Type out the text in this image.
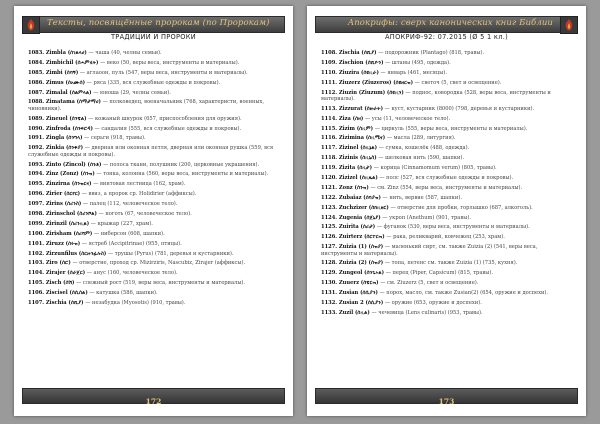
Тексты, посвящённые пророкам (по Пророкам)
ТРАДИЦИИ И ПРОРОКИ
1083. Zimbla (ሰገልላሀ) — чаша (40, челны семьи).
1084. Zimbichil (ሰሓምሂት) — веко (50, веры веса, инструменты и материалы).
1085. Zimbi (ሰባኝ) — аглаоон, пуль (547, веры веса, инструменты и материалы).
1086. Zimus (ሰአሙሰ) — ряса (335, вся служебные одежды и покровы).
1087. Zimalal (ሰልምላል) — юноша (29, челны семьи).
1088. Zimatama (ሰማታማሀ) — полковедец, военачальник (768, характеристи, военных, чиновники).
1089. Zineuel (ሰንዌል) — кожаный шнурок (657, приспособления для оружия).
1090. Zinfroda (ሰንፍሮዳ) — сандалия (555, вся служебные одежды и покровы).
1091. Zingla (ሰንግላ) — серьги (918, травы).
1092. Zinkia (ሰንቅያ) — дверная или оконная петля, дверная или оконная рушка (559, вся служебные одежды и покровы).
1093. Zinto (Zincol) (ሰንቶ) — полоса ткани, полушник (200, церковные украшения).
1094. Zinz (Zonz) (ሰንዝ) — тонка, колонна (560, веры веса, инструменты и материалы).
1095. Zinzirna (ሰንዝርና) — винтовая лестница (162, храм).
1096. Zirier (ሰርየር) — ввиз, а пророк ср. Holidirier (аффиксы).
1097. Zirins (ሰሪንስ) — палец (112, человеческое тело).
1098. Zirinschol (ሰሪንሾል) — ноготь (67, человеческое тело).
1099. Zirinzil (ሰሪንዚል) — крыжар (227, храм).
1100. Zirisham (ሰሪሻም) — ниберсон (608, шапки).
1101. Ziruzz (ሰሩዝ) — ястреб (Accipitrinae) (955, птицы).
1102. Zirzunfilus (ሰርዙንፊሉስ) — трушы (Pyrus) (781, деревья и кустарники).
1103. Ziro (ሰሮ) — отверстие, проход ср. Mizirziris, Nascubiz, Zirajer (аффиксы).
1104. Zirajer (ሰራጀር) — анус (160, человеческое тело).
1105. Zisch (ሰሽ) — слежный рост (519, веры веса, инструменты и материалы).
1106. Ziscisel (ሰሲሰል) — катушка (586, шапки).
1107. Zischia (ሰሺያ) — незабудка (Myosotis) (910, травы).
172
Апокрифы: сверх канонических книг Библии
АПОКРИФ-92: 07.2015 (Ø 5 1 кл.)
1108. Zischia (ሰሺያ) — подорожник (Plantago) (818, травы).
1109. Zischion (ሰሺዮን) — штаны (495, одежда).
1110. Ziuzira (ሰዩዚራ) — январь (461, месяцы).
1111. Ziuzerz (Ziuzeros) (ሰዩዘርዝ) — светоч (5, свет и освещение).
1112. Ziuzin (Ziuzum) (ሰዩዚን) — поднос, ковородка (528, веры веса, инструменты и материалы).
1113. Zizzurat (ሰዙራት) — куст, кустарник (8000) (798, деревья и кустарники).
1114. Ziza (ሰዛ) — усы (11, человеческое тело).
1115. Zizim (ሰዚም) — циркуль (555, веры веса, инструменты и материалы).
1116. Zizimina (ሰዚሚና) — масла (289, литургия).
1117. Zizinel (ሰዚኔል) — сумка, кошелёк (488, одежда).
1118. Zizinis (ሰዚኒስ) — шелковая нить (590, шапки).
1119. Zizita (ሰዚታ) — корица (Cinnamomum verum) (805, травы).
1120. Zizizel (ሰዚዜል) — полс (527, вся служебные одежды и покровы).
1121. Zonz (ሰንዝ) — см. Zinz (554, веры веса, инструменты и материалы).
1122. Zubaiaz (ሰባያዝ) — нить, вервие (587, шапки).
1123. Zuchzizer (ሰክዚዘር) — отверстие для пробки, горлышко (687, алкоголь).
1124. Zugenia (ሰጀኒያ) — укроп (Anethum) (901, травы).
1125. Zuirita (ሰሪታ) — фуганок (530, веры веса, инструменты и материалы).
1126. Zuirterz (ሰርተርዝ) — рака, реликварий, ковчежец (253, храм).
1127. Zuizia (1) (ሰዝያ) — маленький сирт, см. также Zuizia (2) (541, веры веса, инструменты и материалы).
1128. Zuizia (2) (ሰዝያ) — топа, петенс см. также Zuizia (1) (735, кухня).
1129. Zungeol (ሰንጌኦል) — перец (Piper, Capsicum) (815, травы).
1130. Zuuerz (ሰዌርዝ) — см. Ziuzerz (5, свет и освещение).
1131. Zusian (ሰሲያን) — порох, масло, см. также Zusian(2) (654, оружие и доспехи).
1132. Zusian 2 (ሰሲያን) — оружие (653, оружие и доспехи).
1133. Zuzil (ሰዚል) — чечевица (Lens culinaris) (953, травы).
173
